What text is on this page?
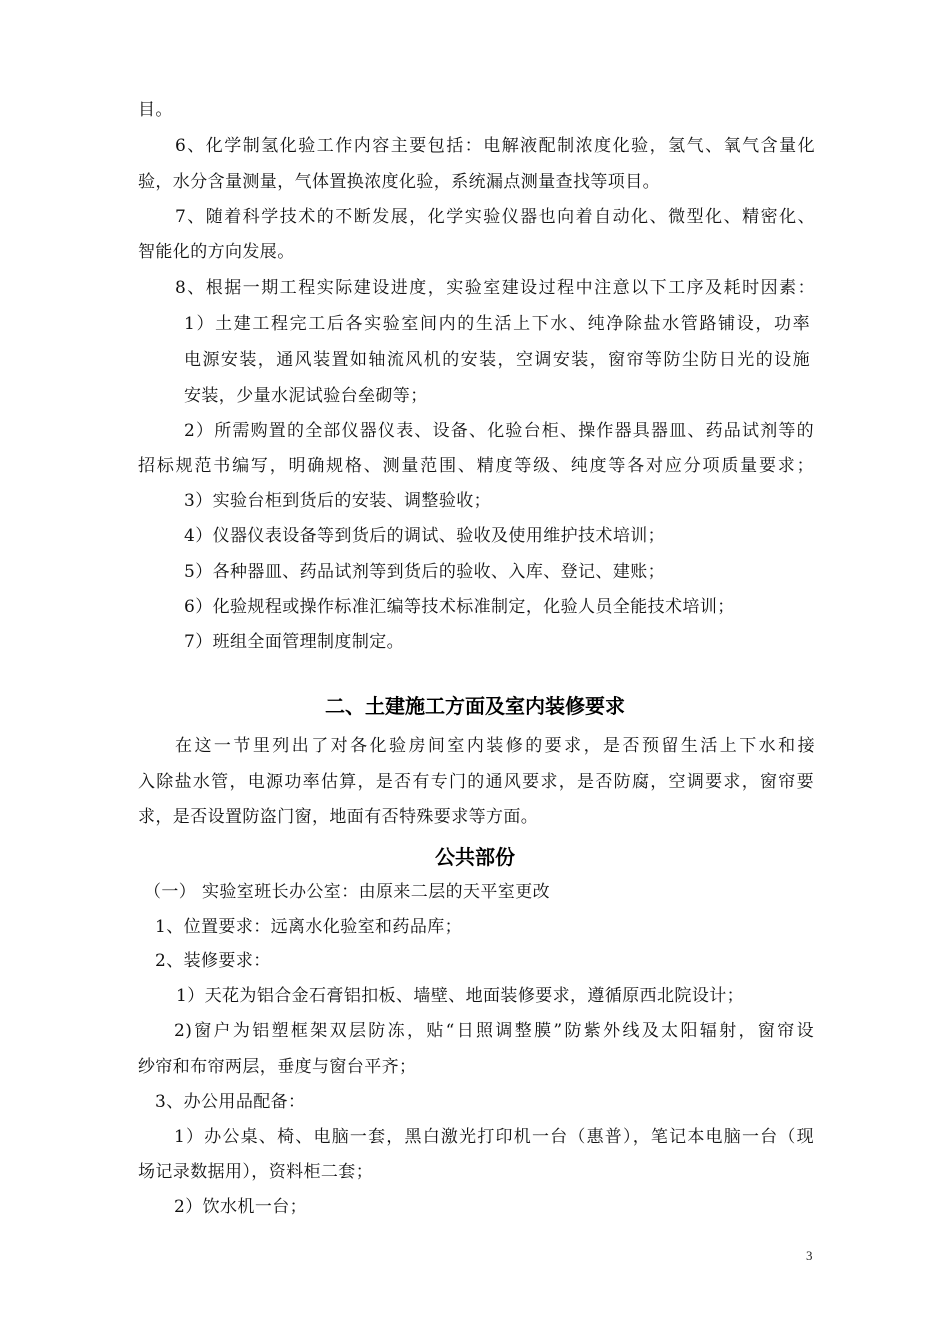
目。
6、化学制氢化验工作内容主要包括：电解液配制浓度化验，氢气、氧气含量化
验，水分含量测量，气体置换浓度化验，系统漏点测量查找等项目。
7、随着科学技术的不断发展，化学实验仪器也向着自动化、微型化、精密化、
智能化的方向发展。
8、根据一期工程实际建设进度，实验室建设过程中注意以下工序及耗时因素：
1）土建工程完工后各实验室间内的生活上下水、纯净除盐水管路铺设，功率
电源安装，通风装置如轴流风机的安装，空调安装，窗帘等防尘防日光的设施
安装，少量水泥试验台垒砌等；
2）所需购置的全部仪器仪表、设备、化验台柜、操作器具器皿、药品试剂等的
招标规范书编写，明确规格、测量范围、精度等级、纯度等各对应分项质量要求；
3）实验台柜到货后的安装、调整验收；
4）仪器仪表设备等到货后的调试、验收及使用维护技术培训；
5）各种器皿、药品试剂等到货后的验收、入库、登记、建账；
6）化验规程或操作标准汇编等技术标准制定，化验人员全能技术培训；
7）班组全面管理制度制定。
二、土建施工方面及室内装修要求
在这一节里列出了对各化验房间室内装修的要求，是否预留生活上下水和接
入除盐水管，电源功率估算，是否有专门的通风要求，是否防腐，空调要求，窗帘要
求，是否设置防盗门窗，地面有否特殊要求等方面。
公共部份
（一） 实验室班长办公室：由原来二层的天平室更改
1、位置要求：远离水化验室和药品库；
2、装修要求：
1）天花为铝合金石膏铝扣板、墙壁、地面装修要求，遵循原西北院设计；
2)窗户为铝塑框架双层防冻，贴“日照调整膜”防紫外线及太阳辐射，窗帘设
纱帘和布帘两层，垂度与窗台平齐；
3、办公用品配备：
1）办公桌、椅、电脑一套，黑白激光打印机一台（惠普），笔记本电脑一台（现
场记录数据用），资料柜二套；
2）饮水机一台；
3
